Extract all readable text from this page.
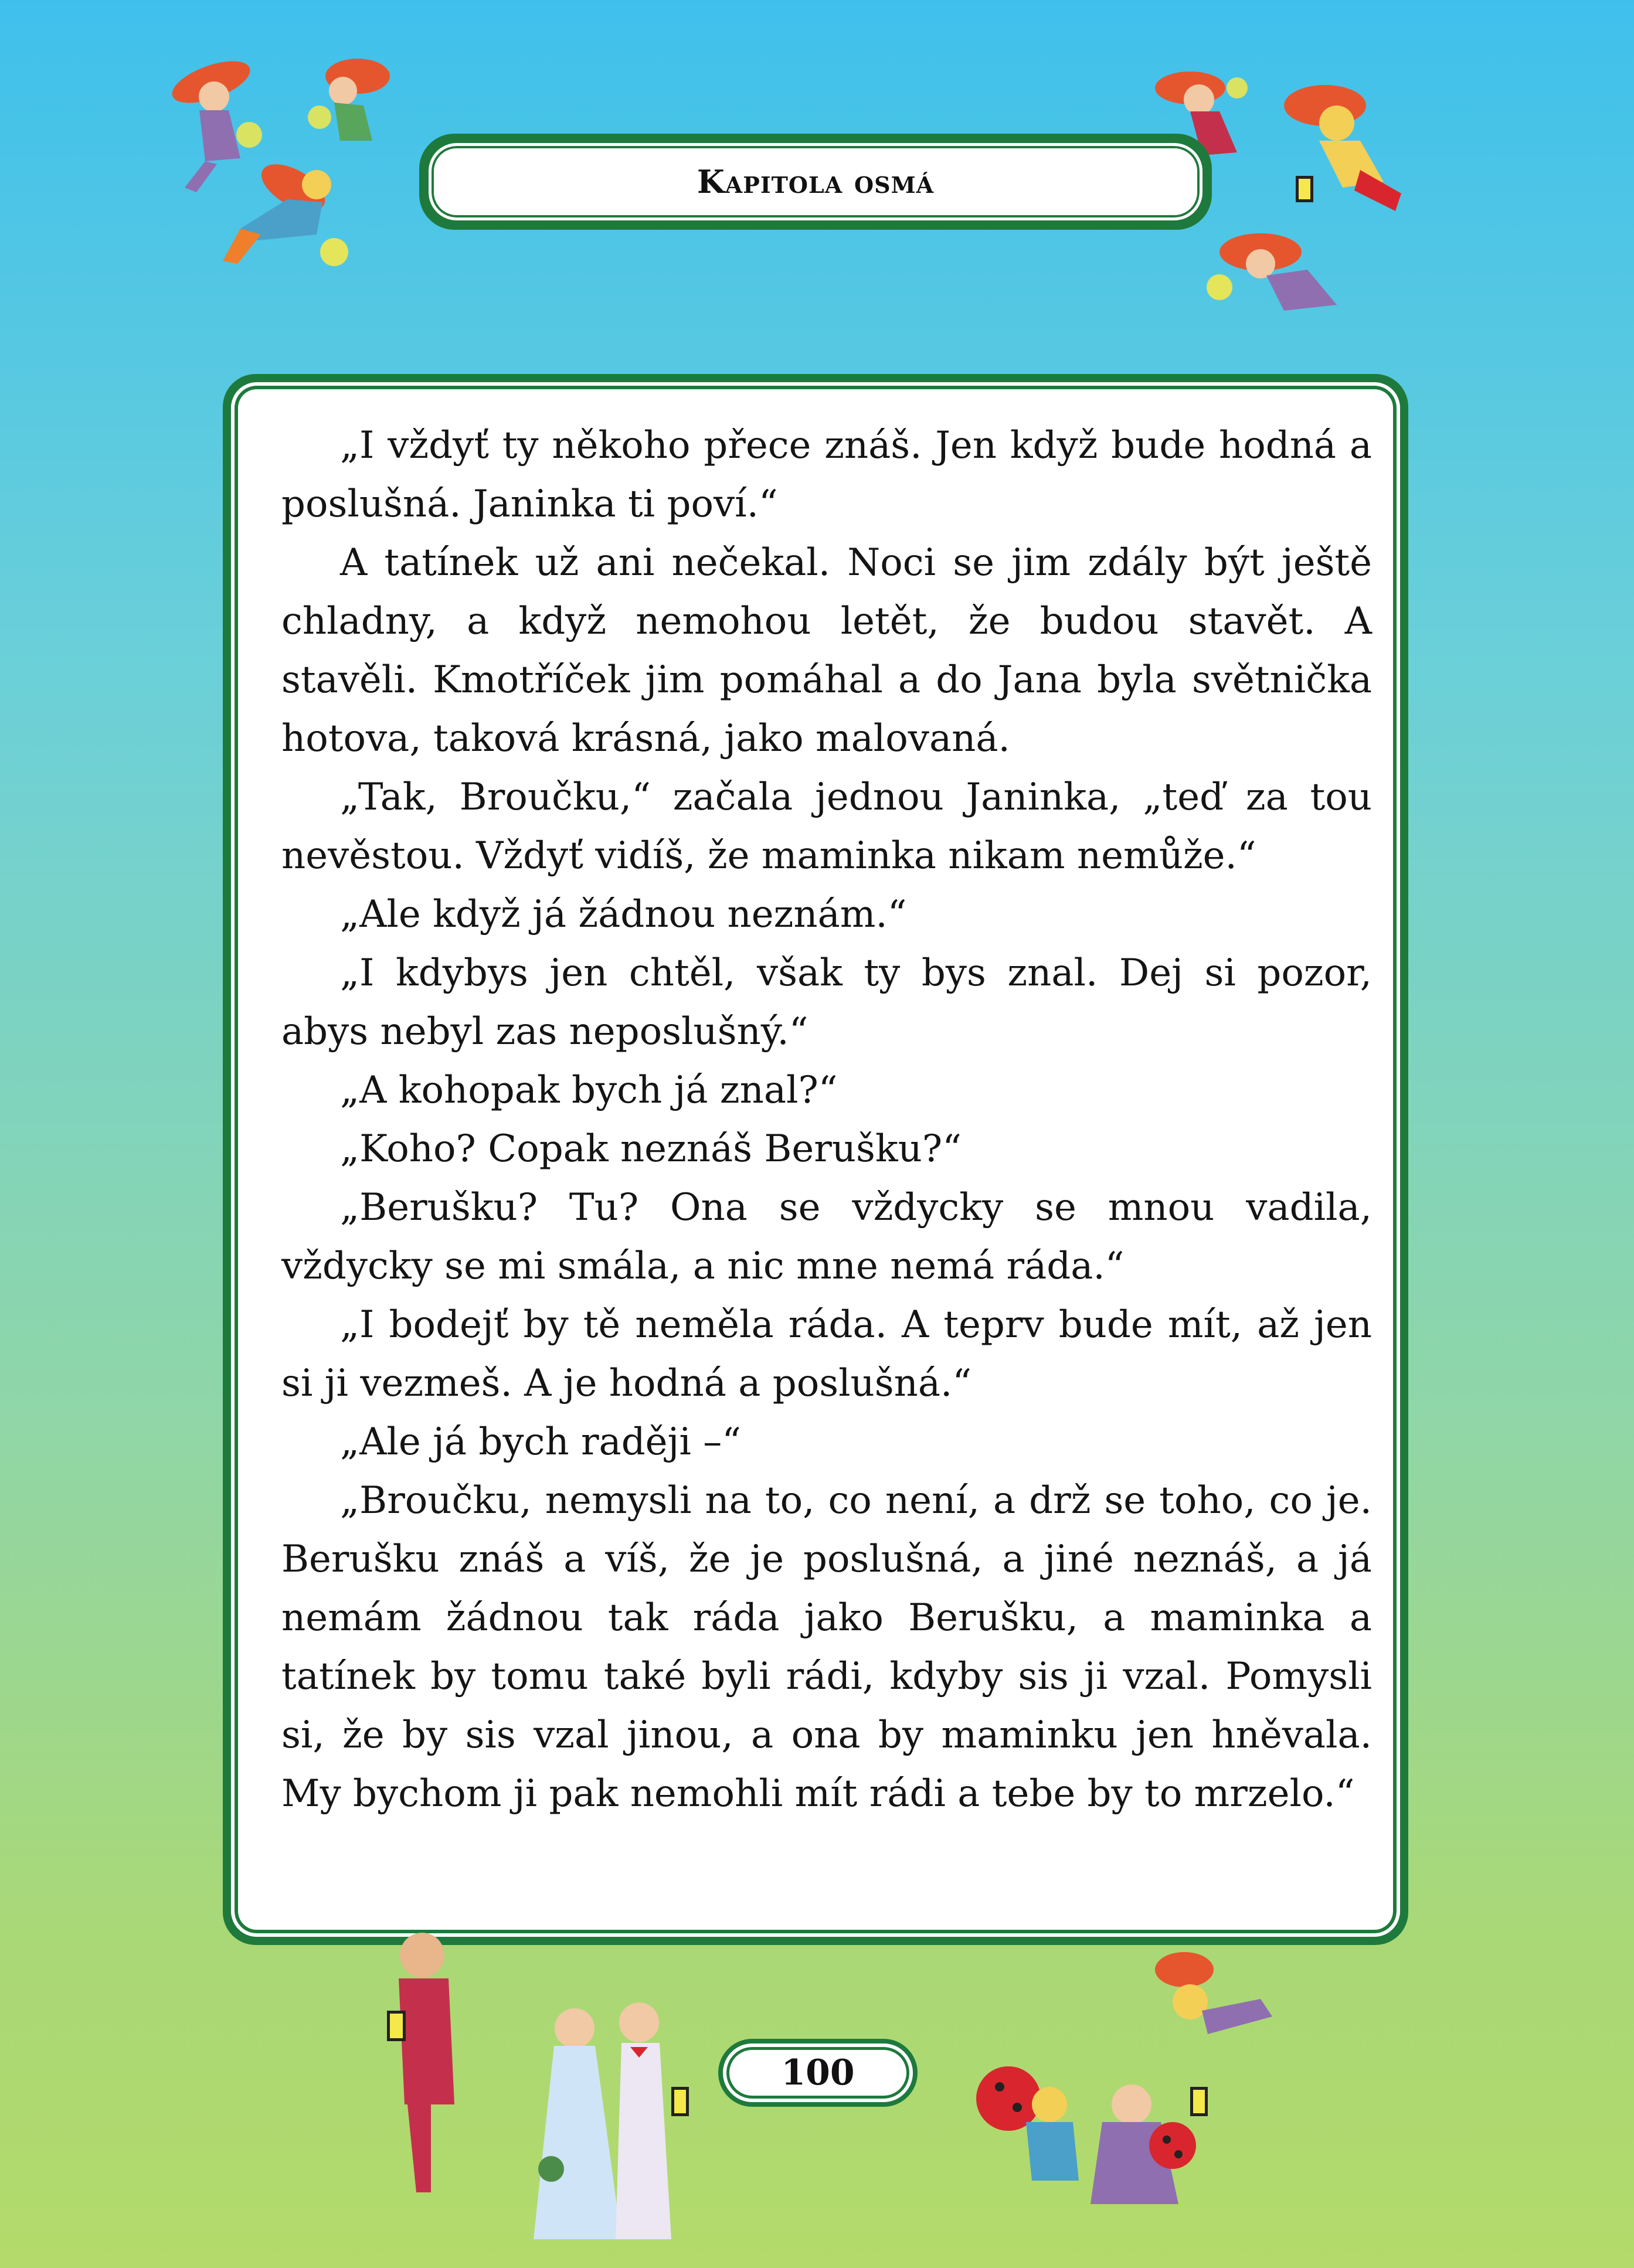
Kapitola osmá

„I vždyť ty někoho přece znáš. Jen když bude hodná a poslušná. Janinka ti poví.“

A tatínek už ani nečekal. Noci se jim zdály být ještě chladny, a když nemohou letět, že budou stavět. A stavěli. Kmotříček jim pomáhal a do Jana byla světnička hotova, taková krásná, jako malovaná.

„Tak, Broučku,“ začala jednou Janinka, „teď za tou nevěstou. Vždyť vidíš, že maminka nikam nemůže.“

„Ale když já žádnou neznám.“

„I kdybys jen chtěl, však ty bys znal. Dej si pozor, abys nebyl zas neposlušný.“

„A kohopak bych já znal?“

„Koho? Copak neznáš Berušku?“

„Berušku? Tu? Ona se vždycky se mnou vadila, vždycky se mi smála, a nic mne nemá ráda.“

„I bodejť by tě neměla ráda. A teprv bude mít, až jen si ji vezmeš. A je hodná a poslušná.“

„Ale já bych raději –“

„Broučku, nemysli na to, co není, a drž se toho, co je. Berušku znáš a víš, že je poslušná, a jiné neznáš, a já nemám žádnou tak ráda jako Berušku, a maminka a tatínek by tomu také byli rádi, kdyby sis ji vzal. Pomysli si, že by sis vzal jinou, a ona by maminku jen hněvala. My bychom ji pak nemohli mít rádi a tebe by to mrzelo.“

100
